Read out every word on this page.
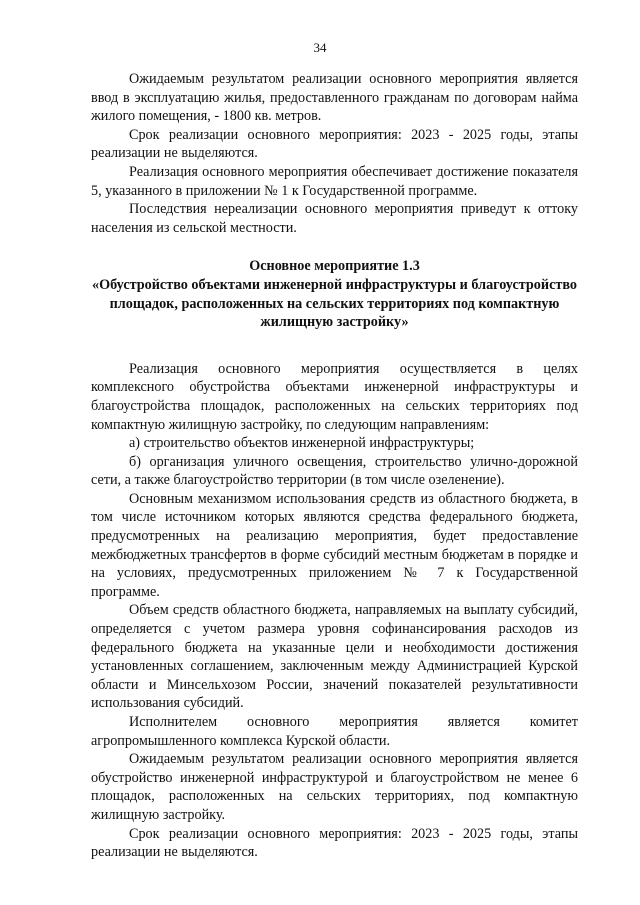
34

Ожидаемым результатом реализации основного мероприятия является ввод в эксплуатацию жилья, предоставленного гражданам по договорам найма жилого помещения, - 1800 кв. метров.

Срок реализации основного мероприятия: 2023 - 2025 годы, этапы реализации не выделяются.

Реализация основного мероприятия обеспечивает достижение показателя 5, указанного в приложении № 1 к Государственной программе.

Последствия нереализации основного мероприятия приведут к оттоку населения из сельской местности.

Основное мероприятие 1.3

«Обустройство объектами инженерной инфраструктуры и благоустройство площадок, расположенных на сельских территориях под компактную жилищную застройку»

Реализация основного мероприятия осуществляется в целях комплексного обустройства объектами инженерной инфраструктуры и благоустройства площадок, расположенных на сельских территориях под компактную жилищную застройку, по следующим направлениям:

а) строительство объектов инженерной инфраструктуры;

б) организация уличного освещения, строительство улично-дорожной сети, а также благоустройство территории (в том числе озеленение).

Основным механизмом использования средств из областного бюджета, в том числе источником которых являются средства федерального бюджета, предусмотренных на реализацию мероприятия, будет предоставление межбюджетных трансфертов в форме субсидий местным бюджетам в порядке и на условиях, предусмотренных приложением № 7 к Государственной программе.

Объем средств областного бюджета, направляемых на выплату субсидий, определяется с учетом размера уровня софинансирования расходов из федерального бюджета на указанные цели и необходимости достижения установленных соглашением, заключенным между Администрацией Курской области и Минсельхозом России, значений показателей результативности использования субсидий.

Исполнителем основного мероприятия является комитет агропромышленного комплекса Курской области.

Ожидаемым результатом реализации основного мероприятия является обустройство инженерной инфраструктурой и благоустройством не менее 6 площадок, расположенных на сельских территориях, под компактную жилищную застройку.

Срок реализации основного мероприятия: 2023 - 2025 годы, этапы реализации не выделяются.
